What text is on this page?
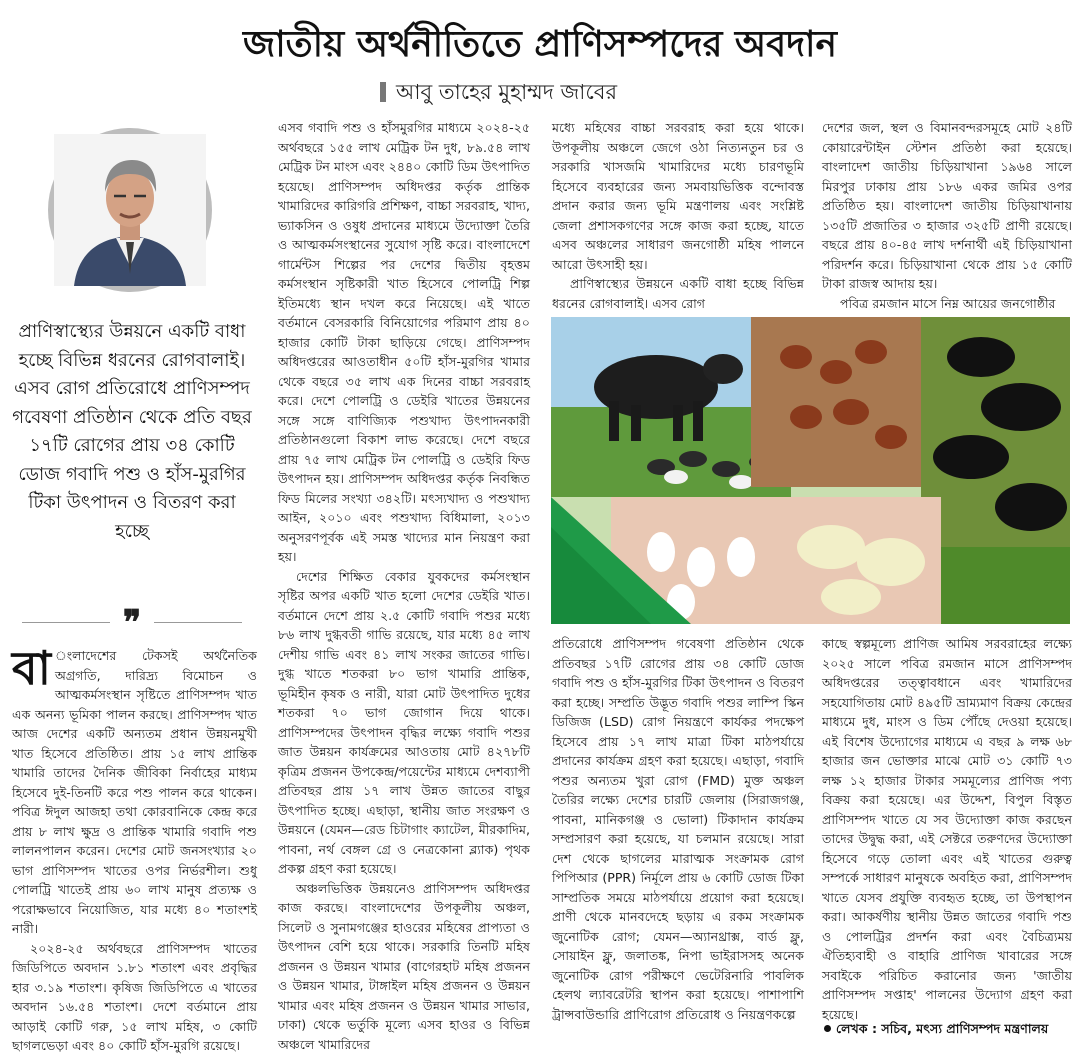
জাতীয় অর্থনীতিতে প্রাণিসম্পদের অবদান
আবু তাহের মুহাম্মদ জাবের
প্রাণিস্বাস্থ্যের উন্নয়নে একটি বাধা হচ্ছে বিভিন্ন ধরনের রোগবালাই। এসব রোগ প্রতিরোধে প্রাণিসম্পদ গবেষণা প্রতিষ্ঠান থেকে প্রতি বছর ১৭টি রোগের প্রায় ৩৪ কোটি ডোজ গবাদি পশু ও হাঁস-মুরগির টিকা উৎপাদন ও বিতরণ করা হচ্ছে
❞

বা ংলাদেশের টেকসই অর্থনৈতিক অগ্রগতি, দারিদ্র্য বিমোচন ও আত্মকর্মসংস্থান সৃষ্টিতে প্রাণিসম্পদ খাত এক অনন্য ভূমিকা পালন করছে। প্রাণিসম্পদ খাত আজ দেশের একটি অন্যতম প্রধান উন্নয়নমুখী খাত হিসেবে প্রতিষ্ঠিত। প্রায় ১৫ লাখ প্রান্তিক খামারি তাদের দৈনিক জীবিকা নির্বাহের মাধ্যম হিসেবে দুই-তিনটি করে পশু পালন করে থাকেন। পবিত্র ঈদুল আজহা তথা কোরবানিকে কেন্দ্র করে প্রায় ৮ লাখ ক্ষুদ্র ও প্রান্তিক খামারি গবাদি পশু লালনপালন করেন। দেশের মোট জনসংখ্যার ২০ ভাগ প্রাণিসম্পদ খাতের ওপর নির্ভরশীল। শুধু পোলট্রি খাতেই প্রায় ৬০ লাখ মানুষ প্রত্যক্ষ ও পরোক্ষভাবে নিয়োজিত, যার মধ্যে ৪০ শতাংশই নারী।

২০২৪-২৫ অর্থবছরে প্রাণিসম্পদ খাতের জিডিপিতে অবদান ১.৮১ শতাংশ এবং প্রবৃদ্ধির হার ৩.১৯ শতাংশ। কৃষিজ জিডিপিতে এ খাতের অবদান ১৬.৫৪ শতাংশ। দেশে বর্তমানে প্রায় আড়াই কোটি গরু, ১৫ লাখ মহিষ, ৩ কোটি ছাগলভেড়া এবং ৪০ কোটি হাঁস-মুরগি রয়েছে।

এসব গবাদি পশু ও হাঁসমুরগির মাধ্যমে ২০২৪-২৫ অর্থবছরে ১৫৫ লাখ মেট্রিক টন দুধ, ৮৯.৫৪ লাখ মেট্রিক টন মাংস এবং ২৪৪০ কোটি ডিম উৎপাদিত হয়েছে। প্রাণিসম্পদ অধিদপ্তর কর্তৃক প্রান্তিক খামারিদের কারিগরি প্রশিক্ষণ, বাচ্চা সরবরাহ, খাদ্য, ভ্যাকসিন ও ওষুধ প্রদানের মাধ্যমে উদ্যোক্তা তৈরি ও আত্মকর্মসংস্থানের সুযোগ সৃষ্টি করে। বাংলাদেশে গার্মেন্টস শিল্পের পর দেশের দ্বিতীয় বৃহত্তম কর্মসংস্থান সৃষ্টিকারী খাত হিসেবে পোলট্রি শিল্প ইতিমধ্যে স্থান দখল করে নিয়েছে। এই খাতে বর্তমানে বেসরকারি বিনিয়োগের পরিমাণ প্রায় ৪০ হাজার কোটি টাকা ছাড়িয়ে গেছে। প্রাণিসম্পদ অধিদপ্তরের আওতাধীন ৫০টি হাঁস-মুরগির খামার থেকে বছরে ৩৫ লাখ এক দিনের বাচ্চা সরবরাহ করে। দেশে পোলট্রি ও ডেইরি খাতের উন্নয়নের সঙ্গে সঙ্গে বাণিজ্যিক পশুখাদ্য উৎপাদনকারী প্রতিষ্ঠানগুলো বিকাশ লাভ করেছে। দেশে বছরে প্রায় ৭৫ লাখ মেট্রিক টন পোলট্রি ও ডেইরি ফিড উৎপাদন হয়। প্রাণিসম্পদ অধিদপ্তর কর্তৃক নিবন্ধিত ফিড মিলের সংখ্যা ৩৪২টি। মৎস্যখাদ্য ও পশুখাদ্য আইন, ২০১০ এবং পশুখাদ্য বিধিমালা, ২০১৩ অনুসরণপূর্বক এই সমস্ত খাদ্যের মান নিয়ন্ত্রণ করা হয়।

দেশের শিক্ষিত বেকার যুবকদের কর্মসংস্থান সৃষ্টির অপর একটি খাত হলো দেশের ডেইরি খাত। বর্তমানে দেশে প্রায় ২.৫ কোটি গবাদি পশুর মধ্যে ৮৬ লাখ দুগ্ধবতী গাভি রয়েছে, যার মধ্যে ৪৫ লাখ দেশীয় গাভি এবং ৪১ লাখ সংকর জাতের গাভি। দুগ্ধ খাতে শতকরা ৮০ ভাগ খামারি প্রান্তিক, ভূমিহীন কৃষক ও নারী, যারা মোট উৎপাদিত দুধের শতকরা ৭০ ভাগ জোগান দিয়ে থাকে। প্রাণিসম্পদের উৎপাদন বৃদ্ধির লক্ষ্যে গবাদি পশুর জাত উন্নয়ন কার্যক্রমের আওতায় মোট ৪২৭৮টি কৃত্রিম প্রজনন উপকেন্দ্র/পয়েন্টের মাধ্যমে দেশব্যাপী প্রতিবছর প্রায় ১৭ লাখ উন্নত জাতের বাছুর উৎপাদিত হচ্ছে। এছাড়া, স্থানীয় জাত সংরক্ষণ ও উন্নয়নে (যেমন—রেড চিটাগাং ক্যাটেল, মীরকাদিম, পাবনা, নর্থ বেঙ্গল গ্রে ও নেত্রকোনা ব্ল্যাক) পৃথক প্রকল্প গ্রহণ করা হয়েছে।

অঞ্চলভিত্তিক উন্নয়নেও প্রাণিসম্পদ অধিদপ্তর কাজ করছে। বাংলাদেশের উপকূলীয় অঞ্চল, সিলেট ও সুনামগঞ্জের হাওরের মহিষের প্রাপ্যতা ও উৎপাদন বেশি হয়ে থাকে। সরকারি তিনটি মহিষ প্রজনন ও উন্নয়ন খামার (বাগেরহাট মহিষ প্রজনন ও উন্নয়ন খামার, টাঙ্গাইল মহিষ প্রজনন ও উন্নয়ন খামার এবং মহিষ প্রজনন ও উন্নয়ন খামার সাভার, ঢাকা) থেকে ভর্তুকি মূল্যে এসব হাওর ও বিভিন্ন অঞ্চলে খামারিদের

মধ্যে মহিষের বাচ্চা সরবরাহ করা হয়ে থাকে। উপকূলীয় অঞ্চলে জেগে ওঠা নিত্যনতুন চর ও সরকারি খাসজমি খামারিদের মধ্যে চারণভূমি হিসেবে ব্যবহারের জন্য সমবায়ভিত্তিক বন্দোবস্ত প্রদান করার জন্য ভূমি মন্ত্রণালয় এবং সংশ্লিষ্ট জেলা প্রশাসকগণের সঙ্গে কাজ করা হচ্ছে, যাতে এসব অঞ্চলের সাধারণ জনগোষ্ঠী মহিষ পালনে আরো উৎসাহী হয়।

প্রাণিস্বাস্থ্যের উন্নয়নে একটি বাধা হচ্ছে বিভিন্ন ধরনের রোগবালাই। এসব রোগ

দেশের জল, স্থল ও বিমানবন্দরসমূহে মোট ২৪টি কোয়ারেন্টাইন স্টেশন প্রতিষ্ঠা করা হয়েছে। বাংলাদেশ জাতীয় চিড়িয়াখানা ১৯৬৪ সালে মিরপুর ঢাকায় প্রায় ১৮৬ একর জমির ওপর প্রতিষ্ঠিত হয়। বাংলাদেশ জাতীয় চিড়িয়াখানায় ১৩৫টি প্রজাতির ৩ হাজার ৩২৫টি প্রাণী রয়েছে। বছরে প্রায় ৪০-৪৫ লাখ দর্শনার্থী এই চিড়িয়াখানা পরিদর্শন করে। চিড়িয়াখানা থেকে প্রায় ১৫ কোটি টাকা রাজস্ব আদায় হয়।

পবিত্র রমজান মাসে নিম্ন আয়ের জনগোষ্ঠীর

প্রতিরোধে প্রাণিসম্পদ গবেষণা প্রতিষ্ঠান থেকে প্রতিবছর ১৭টি রোগের প্রায় ৩৪ কোটি ডোজ গবাদি পশু ও হাঁস-মুরগির টিকা উৎপাদন ও বিতরণ করা হচ্ছে। সম্প্রতি উদ্ভূত গবাদি পশুর লাম্পি স্কিন ডিজিজ (LSD) রোগ নিয়ন্ত্রণে কার্যকর পদক্ষেপ হিসেবে প্রায় ১৭ লাখ মাত্রা টিকা মাঠপর্যায়ে প্রদানের কার্যক্রম গ্রহণ করা হয়েছে। এছাড়া, গবাদি পশুর অন্যতম খুরা রোগ (FMD) মুক্ত অঞ্চল তৈরির লক্ষ্যে দেশের চারটি জেলায় (সিরাজগঞ্জ, পাবনা, মানিকগঞ্জ ও ভোলা) টিকাদান কার্যক্রম সম্প্রসারণ করা হয়েছে, যা চলমান রয়েছে। সারা দেশ থেকে ছাগলের মারাত্মক সংক্রামক রোগ পিপিআর (PPR) নির্মূলে প্রায় ৬ কোটি ডোজ টিকা সাম্প্রতিক সময়ে মাঠপর্যায়ে প্রয়োগ করা হয়েছে। প্রাণী থেকে মানবদেহে ছড়ায় এ রকম সংক্রামক জুনোটিক রোগ; যেমন—অ্যানথ্রাক্স, বার্ড ফ্লু, সোয়াইন ফ্লু, জলাতঙ্ক, নিপা ভাইরাসসহ অনেক জুনোটিক রোগ পরীক্ষণে ভেটেরিনারি পাবলিক হেলথ ল্যাবরেটরি স্থাপন করা হয়েছে। পাশাপাশি ট্রান্সবাউন্ডারি প্রাণিরোগ প্রতিরোধ ও নিয়ন্ত্রণকল্পে

কাছে স্বল্পমূল্যে প্রাণিজ আমিষ সরবরাহের লক্ষ্যে ২০২৫ সালে পবিত্র রমজান মাসে প্রাণিসম্পদ অধিদপ্তরের তত্ত্বাবধানে এবং খামারিদের সহযোগিতায় মোট ৪৯৫টি ভ্রাম্যমাণ বিক্রয় কেন্দ্রের মাধ্যমে দুধ, মাংস ও ডিম পৌঁছে দেওয়া হয়েছে। এই বিশেষ উদ্যোগের মাধ্যমে এ বছর ৯ লক্ষ ৬৮ হাজার জন ভোক্তার মাঝে মোট ৩১ কোটি ৭৩ লক্ষ ১২ হাজার টাকার সমমূল্যের প্রাণিজ পণ্য বিক্রয় করা হয়েছে। এর উদ্দেশ, বিপুল বিস্তৃত প্রাণিসম্পদ খাতে যে সব উদ্যোক্তা কাজ করছেন তাদের উদ্বুদ্ধ করা, এই সেক্টরে তরুণদের উদ্যোক্তা হিসেবে গড়ে তোলা এবং এই খাতের গুরুত্ব সম্পর্কে সাধারণ মানুষকে অবহিত করা, প্রাণিসম্পদ খাতে যেসব প্রযুক্তি ব্যবহৃত হচ্ছে, তা উপস্থাপন করা। আকর্ষণীয় স্থানীয় উন্নত জাতের গবাদি পশু ও পোলট্রির প্রদর্শন করা এবং বৈচিত্র্যময় ঐতিহ্যবাহী ও বাহারি প্রাণিজ খাবারের সঙ্গে সবাইকে পরিচিত করানোর জন্য 'জাতীয় প্রাণিসম্পদ সপ্তাহ' পালনের উদ্যোগ গ্রহণ করা হয়েছে।

লেখক : সচিব, মৎস্য প্রাণিসম্পদ মন্ত্রণালয়
